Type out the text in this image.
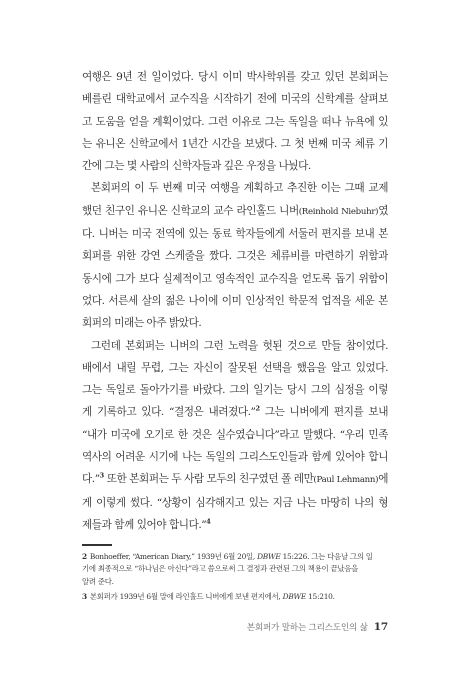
여행은 9년 전 일이었다. 당시 이미 박사학위를 갖고 있던 본회퍼는
베를린 대학교에서 교수직을 시작하기 전에 미국의 신학계를 살펴보
고 도움을 얻을 계획이었다. 그런 이유로 그는 독일을 떠나 뉴욕에 있
는 유니온 신학교에서 1년간 시간을 보냈다. 그 첫 번째 미국 체류 기
간에 그는 몇 사람의 신학자들과 깊은 우정을 나눴다.

본회퍼의 이 두 번째 미국 여행을 계획하고 추진한 이는 그때 교제
했던 친구인 유니온 신학교의 교수 라인홀드 니버(Reinhold Niebuhr)였
다. 니버는 미국 전역에 있는 동료 학자들에게 서둘러 편지를 보내 본
회퍼를 위한 강연 스케줄을 짰다. 그것은 체류비를 마련하기 위함과
동시에 그가 보다 실제적이고 영속적인 교수직을 얻도록 돕기 위함이
었다. 서른세 살의 젊은 나이에 이미 인상적인 학문적 업적을 세운 본
회퍼의 미래는 아주 밝았다.

그런데 본회퍼는 니버의 그런 노력을 헛된 것으로 만들 참이었다.
배에서 내릴 무렵, 그는 자신이 잘못된 선택을 했음을 알고 있었다.
그는 독일로 돌아가기를 바랐다. 그의 일기는 당시 그의 심정을 이렇
게 기록하고 있다. “결정은 내려졌다.”$^2$ 그는 니버에게 편지를 보내
“내가 미국에 오기로 한 것은 실수였습니다”라고 말했다. “우리 민족
역사의 어려운 시기에 나는 독일의 그리스도인들과 함께 있어야 합니
다.”$^3$ 또한 본회퍼는 두 사람 모두의 친구였던 폴 레만(Paul Lehmann)에
게 이렇게 썼다. “상황이 심각해지고 있는 지금 나는 마땅히 나의 형
제들과 함께 있어야 합니다.”$^4$

2 Bonhoeffer, “American Diary,” 1939년 6월 20일, DBWE 15:226. 그는 다음날 그의 일
기에 최종적으로 “하나님은 아신다”라고 씀으로써 그 결정과 관련된 그의 책용이 끝났음을
알려 준다.

3 본회퍼가 1939년 6월 말에 라인홀드 니버에게 보낸 편지에서, DBWE 15:210.

본회퍼가 말하는 그리스도인의 삶 17
